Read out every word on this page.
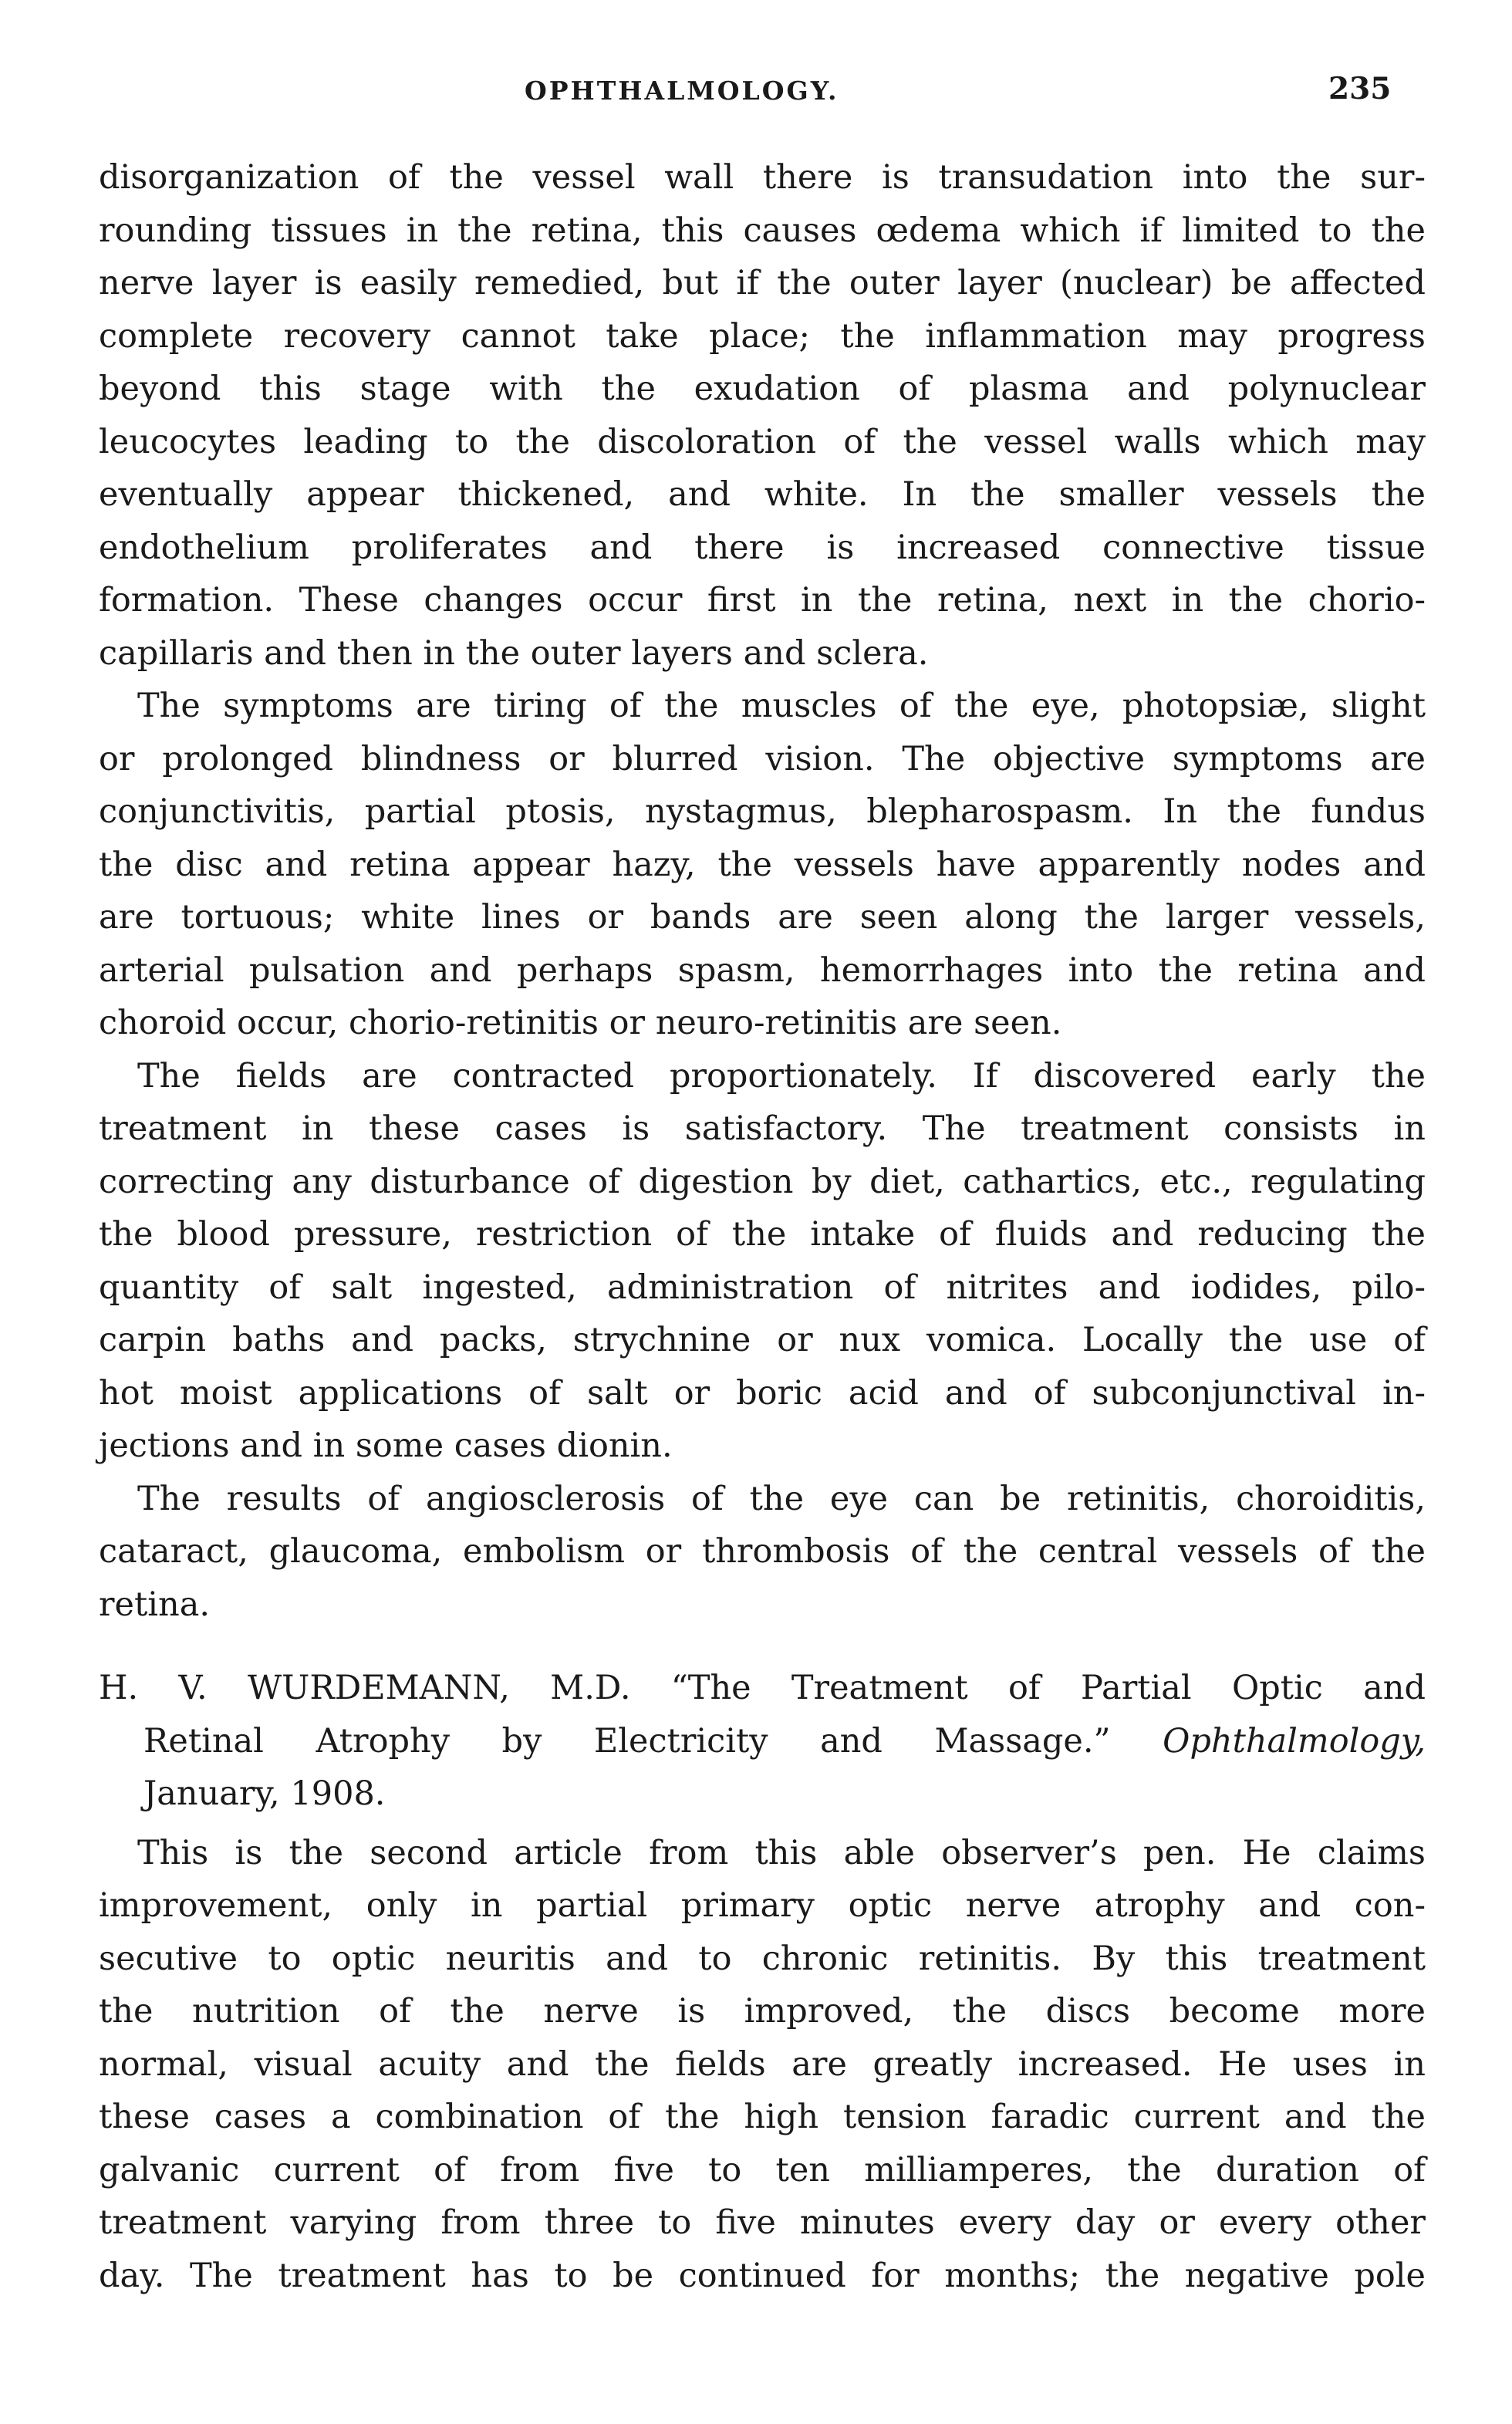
OPHTHALMOLOGY.	235
disorganization of the vessel wall there is transudation into the sur-
rounding tissues in the retina, this causes œdema which if limited to the
nerve layer is easily remedied, but if the outer layer (nuclear) be affected
complete recovery cannot take place; the inflammation may progress
beyond this stage with the exudation of plasma and polynuclear
leucocytes leading to the discoloration of the vessel walls which may
eventually appear thickened, and white. In the smaller vessels the
endothelium proliferates and there is increased connective tissue
formation. These changes occur first in the retina, next in the chorio-
capillaris and then in the outer layers and sclera.
The symptoms are tiring of the muscles of the eye, photopsiæ, slight
or prolonged blindness or blurred vision. The objective symptoms are
conjunctivitis, partial ptosis, nystagmus, blepharospasm. In the fundus
the disc and retina appear hazy, the vessels have apparently nodes and
are tortuous; white lines or bands are seen along the larger vessels,
arterial pulsation and perhaps spasm, hemorrhages into the retina and
choroid occur, chorio-retinitis or neuro-retinitis are seen.
The fields are contracted proportionately. If discovered early the
treatment in these cases is satisfactory. The treatment consists in
correcting any disturbance of digestion by diet, cathartics, etc., regulating
the blood pressure, restriction of the intake of fluids and reducing the
quantity of salt ingested, administration of nitrites and iodides, pilo-
carpin baths and packs, strychnine or nux vomica. Locally the use of
hot moist applications of salt or boric acid and of subconjunctival in-
jections and in some cases dionin.
The results of angiosclerosis of the eye can be retinitis, choroiditis,
cataract, glaucoma, embolism or thrombosis of the central vessels of the
retina.
H. V. WURDEMANN, M.D. “The Treatment of Partial Optic and
Retinal Atrophy by Electricity and Massage.” Ophthalmology,
January, 1908.
This is the second article from this able observer’s pen. He claims
improvement, only in partial primary optic nerve atrophy and con-
secutive to optic neuritis and to chronic retinitis. By this treatment
the nutrition of the nerve is improved, the discs become more
normal, visual acuity and the fields are greatly increased. He uses in
these cases a combination of the high tension faradic current and the
galvanic current of from five to ten milliamperes, the duration of
treatment varying from three to five minutes every day or every other
day. The treatment has to be continued for months; the negative pole
